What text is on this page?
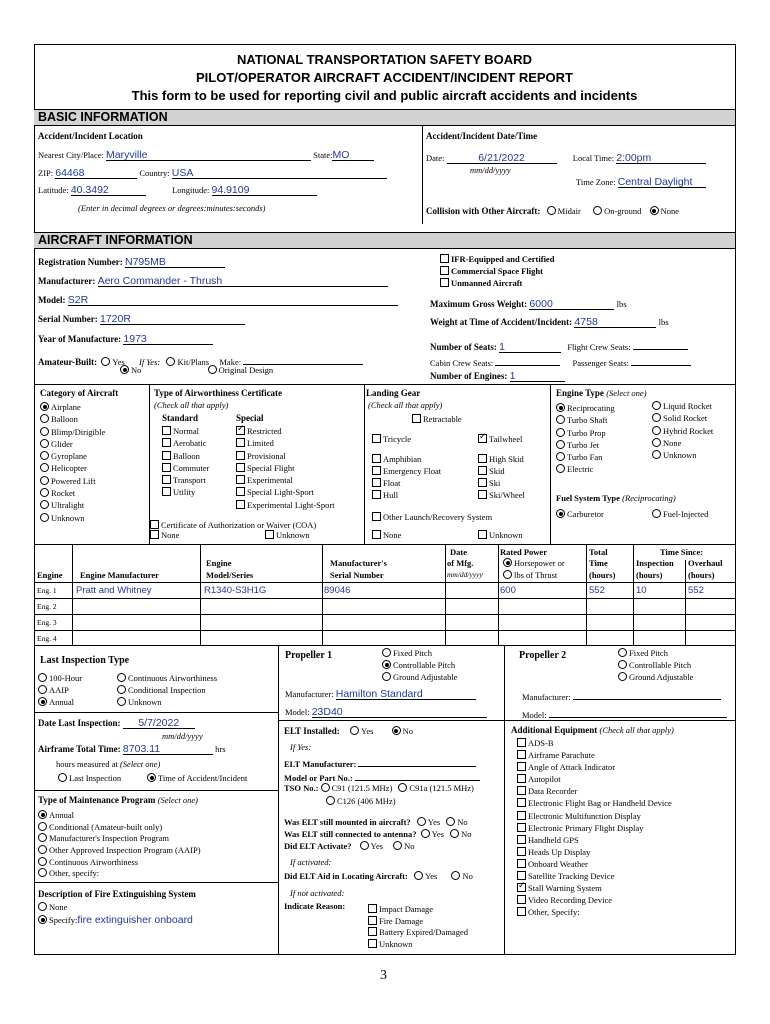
NATIONAL TRANSPORTATION SAFETY BOARD
PILOT/OPERATOR AIRCRAFT ACCIDENT/INCIDENT REPORT
This form to be used for reporting civil and public aircraft accidents and incidents
BASIC INFORMATION
Accident/Incident Location
Nearest City/Place: Maryville	State:MO
ZIP: 64468	Country: USA
Latitude: 40.3492	Longitude: 94.9109
(Enter in decimal degrees or degrees:minutes:seconds)
Accident/Incident Date/Time
Date:	6/21/2022	Local Time: 2:00pm
mm/dd/yyyy
Time Zone: Central Daylight
Collision with Other Aircraft: Midair	On-ground None
AIRCRAFT INFORMATION
Registration Number: N795MB
Manufacturer: Aero Commander - Thrush
Model: S2R
Serial Number: 1720R
Year of Manufacture: 1973
Amateur-Built: Yes If Yes: Kit/Plans Make:
No	Original Design
IFR-Equipped and Certified
Commercial Space Flight
Unmanned Aircraft
Maximum Gross Weight: 6000	lbs
Weight at Time of Accident/Incident: 4758	lbs
Number of Seats: 1	Flight Crew Seats:
Cabin Crew Seats:	Passenger Seats:
Number of Engines: 1
Category of Aircraft
Airplane
Balloon
Blimp/Dirigible
Glider
Gyroplane
Helicopter
Powered Lift
Rocket
Ultralight
Unknown
Type of Airworthiness Certificate
(Check all that apply)
Standard	Special
Normal
Aerobatic
Balloon
Commuter
Transport
Utility
✓Restricted
Limited
Provisional
Special Flight
Experimental
Special Light-Sport
Experimental Light-Sport
Certificate of Authorization or Waiver (COA)
None	Unknown
Landing Gear
(Check all that apply)
Retractable
Tricycle
✓	Tailwheel
Amphibian	High Skid
Emergency Float	Skid
Float	Ski
Hull	Ski/Wheel
Other Launch/Recovery System
None	Unknown
Engine Type (Select one)
Reciprocating
Turbo Shaft
Turbo Prop
Turbo Jet
Turbo Fan
Electric
Liquid Rocket
Solid Rocket
Hybrid Rocket
None
Unknown
Fuel System Type (Reciprocating)
Carburetor	Fuel-Injected
Engine Engine Manufacturer
Engine
Model/Series
Manufacturer's
Serial Number
Date
of Mfg.
mm/dd/yyyy
Rated Power
Horsepower or
lbs of Thrust
Total
Time
(hours)
Time Since:
Inspection
(hours)
Overhaul
(hours)
Eng. 1 Pratt and Whitney	R1340-S3H1G	89046	600	552	10	552
Eng. 2
Eng. 3
Eng. 4
Last Inspection Type
100-Hour
AAIP
Annual
Continuous Airworthiness
Conditional Inspection
Unknown
Date Last Inspection: 5/7/2022
mm/dd/yyyy
Airframe Total Time: 8703.11	hrs
hours measured at (Select one)
Last Inspection	Time of Accident/Incident
Type of Maintenance Program (Select one)
Annual
Conditional (Amateur-built only)
Manufacturer's Inspection Program
Other Approved Inspection Program (AAIP)
Continuous Airworthiness
Other, specify:
Description of Fire Extinguishing System
None
Specify:fire extinguisher onboard
Propeller 1	Fixed Pitch
Controllable Pitch
Ground Adjustable
Manufacturer: Hamilton Standard
Model: 23D40
Propeller 2	Fixed Pitch
Controllable Pitch
Ground Adjustable
Manufacturer:
Model:
ELT Installed:	Yes	No
If Yes:
ELT Manufacturer:
Model or Part No.:
TSO No.: C91 (121.5 MHz) C91a (121.5 MHz)
C126 (406 MHz)
Was ELT still mounted in aircraft? Yes No
Was ELT still connected to antenna? Yes No
Did ELT Activate? Yes No
If activated:
Did ELT Aid in Locating Aircraft: Yes	No
If not activated:
Indicate Reason:	Impact Damage
Fire Damage
Battery Expired/Damaged
Unknown
Additional Equipment (Check all that apply)
ADS-B
Airframe Parachute
Angle of Attack Indicator
Autopilot
Data Recorder
Electronic Flight Bag or Handheld Device
Electronic Multifunction Display
Electronic Primary Flight Display
Handheld GPS
Heads Up Display
Onboard Weather
Satellite Tracking Device
✓Stall Warning System
Video Recording Device
Other, Specify:
3
